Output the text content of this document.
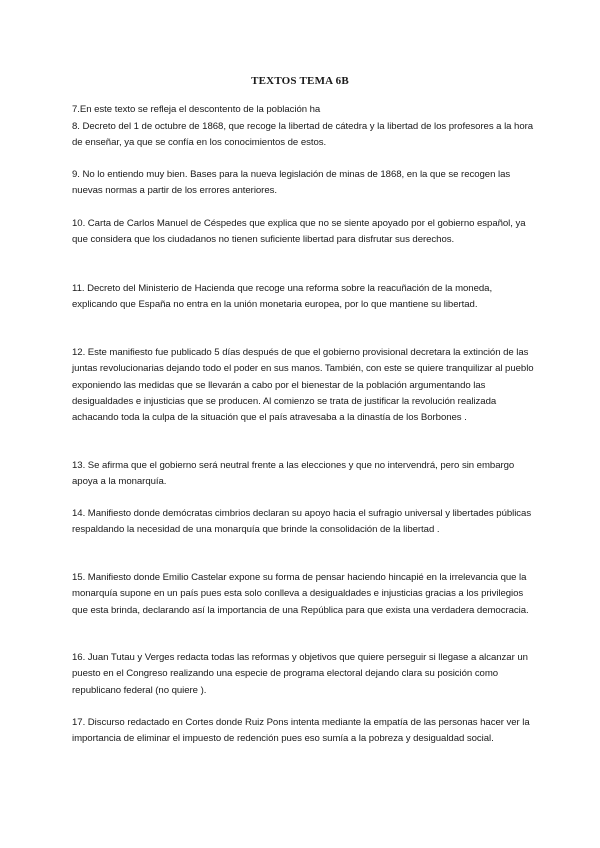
TEXTOS TEMA 6B

7.En este texto se refleja el descontento de la población ha

8. Decreto del 1 de octubre de 1868, que recoge la libertad de cátedra y la libertad de los profesores a la hora de enseñar, ya que se confía en los conocimientos de estos.

9. No lo entiendo muy bien. Bases para la nueva legislación de minas de 1868, en la que se recogen las nuevas normas a partir de los errores anteriores.

10. Carta de Carlos Manuel de Céspedes que explica que no se siente apoyado por el gobierno español, ya que considera que los ciudadanos no tienen suficiente libertad para disfrutar sus derechos.

11. Decreto del Ministerio de Hacienda que recoge una reforma sobre la reacuñación de la moneda, explicando que España no entra en la unión monetaria europea, por lo que mantiene su libertad.

12. Este manifiesto fue publicado 5 días después de que el gobierno provisional decretara la extinción de las juntas revolucionarias dejando todo el poder en sus manos. También, con este se quiere tranquilizar al pueblo exponiendo las medidas que se llevarán a cabo por el bienestar de la población argumentando las desigualdades e injusticias que se producen. Al comienzo se trata de justificar la revolución realizada achacando toda la culpa de la situación que el país atravesaba a la dinastía de los Borbones .

13. Se afirma que el gobierno será neutral frente a las elecciones y que no intervendrá, pero sin embargo apoya a la monarquía.

14. Manifiesto donde demócratas cimbrios declaran su apoyo hacia el sufragio universal y libertades públicas respaldando la necesidad de una monarquía que brinde la consolidación de la libertad .

15. Manifiesto donde Emilio Castelar expone su forma de pensar haciendo hincapié en la irrelevancia que la monarquía supone en un país pues esta solo conlleva a desigualdades e injusticias gracias a los privilegios que esta brinda, declarando así la importancia de una República para que exista una verdadera democracia.

16. Juan Tutau y Verges redacta todas las reformas y objetivos que quiere perseguir si llegase a alcanzar un puesto en el Congreso realizando una especie de programa electoral dejando clara su posición como republicano federal (no quiere ).

17. Discurso redactado en Cortes donde Ruiz Pons intenta mediante la empatía de las personas hacer ver la importancia de eliminar el impuesto de redención pues eso sumía a la pobreza y desigualdad social.
